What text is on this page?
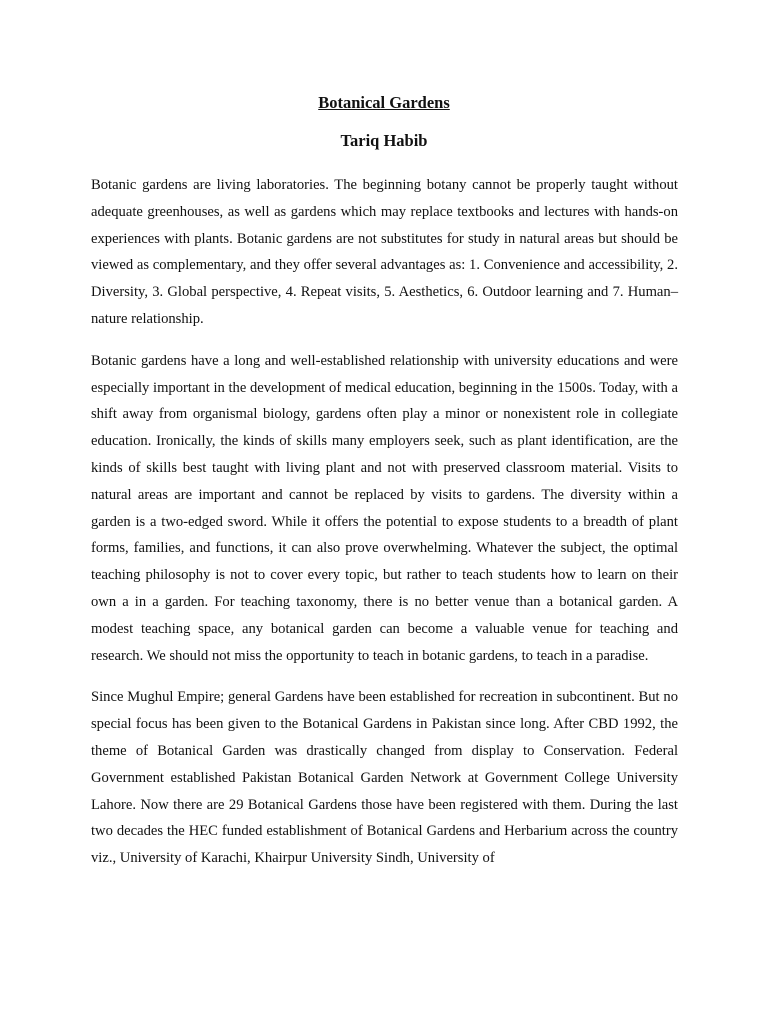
Botanical Gardens
Tariq Habib

Botanic gardens are living laboratories. The beginning botany cannot be properly taught without adequate greenhouses, as well as gardens which may replace textbooks and lectures with hands-on experiences with plants. Botanic gardens are not substitutes for study in natural areas but should be viewed as complementary, and they offer several advantages as: 1. Convenience and accessibility, 2. Diversity, 3. Global perspective, 4. Repeat visits, 5. Aesthetics, 6. Outdoor learning and 7. Human–nature relationship.

Botanic gardens have a long and well-established relationship with university educations and were especially important in the development of medical education, beginning in the 1500s. Today, with a shift away from organismal biology, gardens often play a minor or nonexistent role in collegiate education. Ironically, the kinds of skills many employers seek, such as plant identification, are the kinds of skills best taught with living plant and not with preserved classroom material. Visits to natural areas are important and cannot be replaced by visits to gardens. The diversity within a garden is a two-edged sword. While it offers the potential to expose students to a breadth of plant forms, families, and functions, it can also prove overwhelming. Whatever the subject, the optimal teaching philosophy is not to cover every topic, but rather to teach students how to learn on their own a in a garden. For teaching taxonomy, there is no better venue than a botanical garden. A modest teaching space, any botanical garden can become a valuable venue for teaching and research. We should not miss the opportunity to teach in botanic gardens, to teach in a paradise.

Since Mughul Empire; general Gardens have been established for recreation in subcontinent. But no special focus has been given to the Botanical Gardens in Pakistan since long. After CBD 1992, the theme of Botanical Garden was drastically changed from display to Conservation. Federal Government established Pakistan Botanical Garden Network at Government College University Lahore. Now there are 29 Botanical Gardens those have been registered with them. During the last two decades the HEC funded establishment of Botanical Gardens and Herbarium across the country viz., University of Karachi, Khairpur University Sindh, University of
